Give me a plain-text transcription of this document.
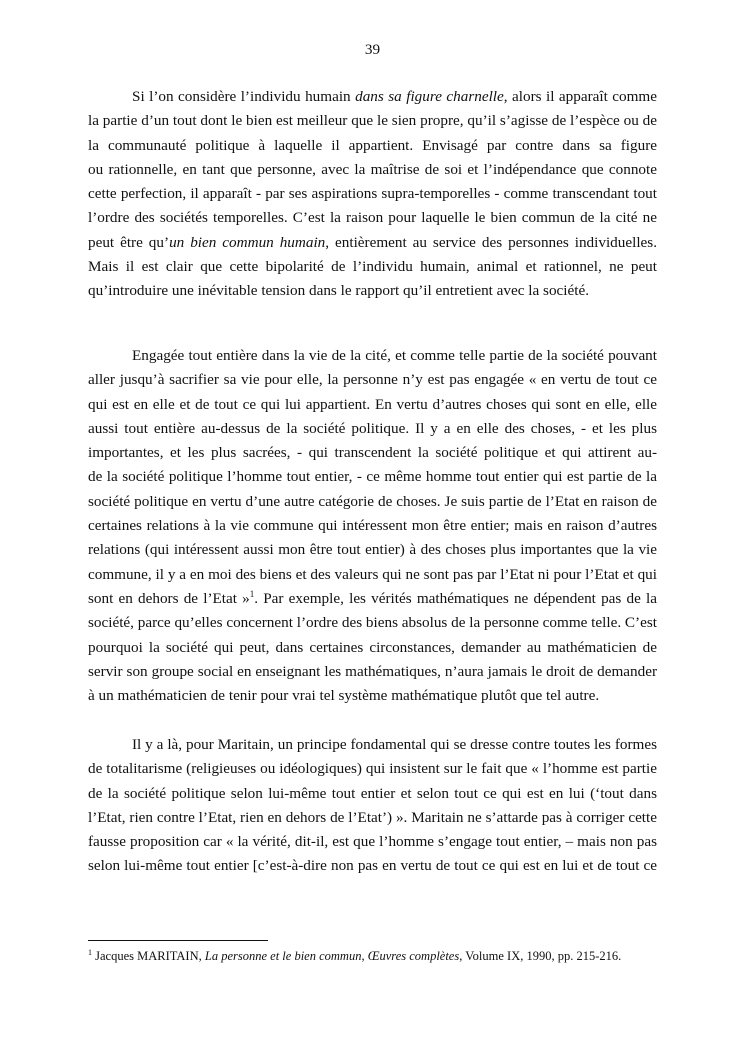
39
Si l’on considère l’individu humain dans sa figure charnelle, alors il apparaît comme
la partie d’un tout dont le bien est meilleur que le sien propre, qu’il s’agisse de l’espèce ou de
la communauté politique à laquelle il appartient. Envisagé par contre dans sa figure
ou rationnelle, en tant que personne, avec la maîtrise de soi et l’indépendance que connote
cette perfection, il apparaît - par ses aspirations supra-temporelles - comme transcendant tout
l’ordre des sociétés temporelles. C’est la raison pour laquelle le bien commun de la cité ne
peut être qu’un bien commun humain, entièrement au service des personnes individuelles.
Mais il est clair que cette bipolarité de l’individu humain, animal et rationnel, ne peut
qu’introduire une inévitable tension dans le rapport qu’il entretient avec la société.
Engagée tout entière dans la vie de la cité, et comme telle partie de la société pouvant
aller jusqu’à sacrifier sa vie pour elle, la personne n’y est pas engagée « en vertu de tout ce
qui est en elle et de tout ce qui lui appartient. En vertu d’autres choses qui sont en elle, elle
aussi tout entière au-dessus de la société politique. Il y a en elle des choses, - et les plus
importantes, et les plus sacrées, - qui transcendent la société politique et qui attirent au-
de la société politique l’homme tout entier, - ce même homme tout entier qui est partie de la
société politique en vertu d’une autre catégorie de choses. Je suis partie de l’Etat en raison de
certaines relations à la vie commune qui intéressent mon être entier; mais en raison d’autres
relations (qui intéressent aussi mon être tout entier) à des choses plus importantes que la vie
commune, il y a en moi des biens et des valeurs qui ne sont pas par l’Etat ni pour l’Etat et qui
sont en dehors de l’Etat »$^1$. Par exemple, les vérités mathématiques ne dépendent pas de la
société, parce qu’elles concernent l’ordre des biens absolus de la personne comme telle. C’est
pourquoi la société qui peut, dans certaines circonstances, demander au mathématicien de
servir son groupe social en enseignant les mathématiques, n’aura jamais le droit de demander
à un mathématicien de tenir pour vrai tel système mathématique plutôt que tel autre.
Il y a là, pour Maritain, un principe fondamental qui se dresse contre toutes les formes
de totalitarisme (religieuses ou idéologiques) qui insistent sur le fait que « l’homme est partie
de la société politique selon lui-même tout entier et selon tout ce qui est en lui (‘tout dans
l’Etat, rien contre l’Etat, rien en dehors de l’Etat’) ». Maritain ne s’attarde pas à corriger cette
fausse proposition car « la vérité, dit-il, est que l’homme s’engage tout entier, – mais non pas
selon lui-même tout entier [c’est-à-dire non pas en vertu de tout ce qui est en lui et de tout ce
$^1$ Jacques MARITAIN, La personne et le bien commun, Œuvres complètes, Volume IX, 1990, pp. 215-216.
